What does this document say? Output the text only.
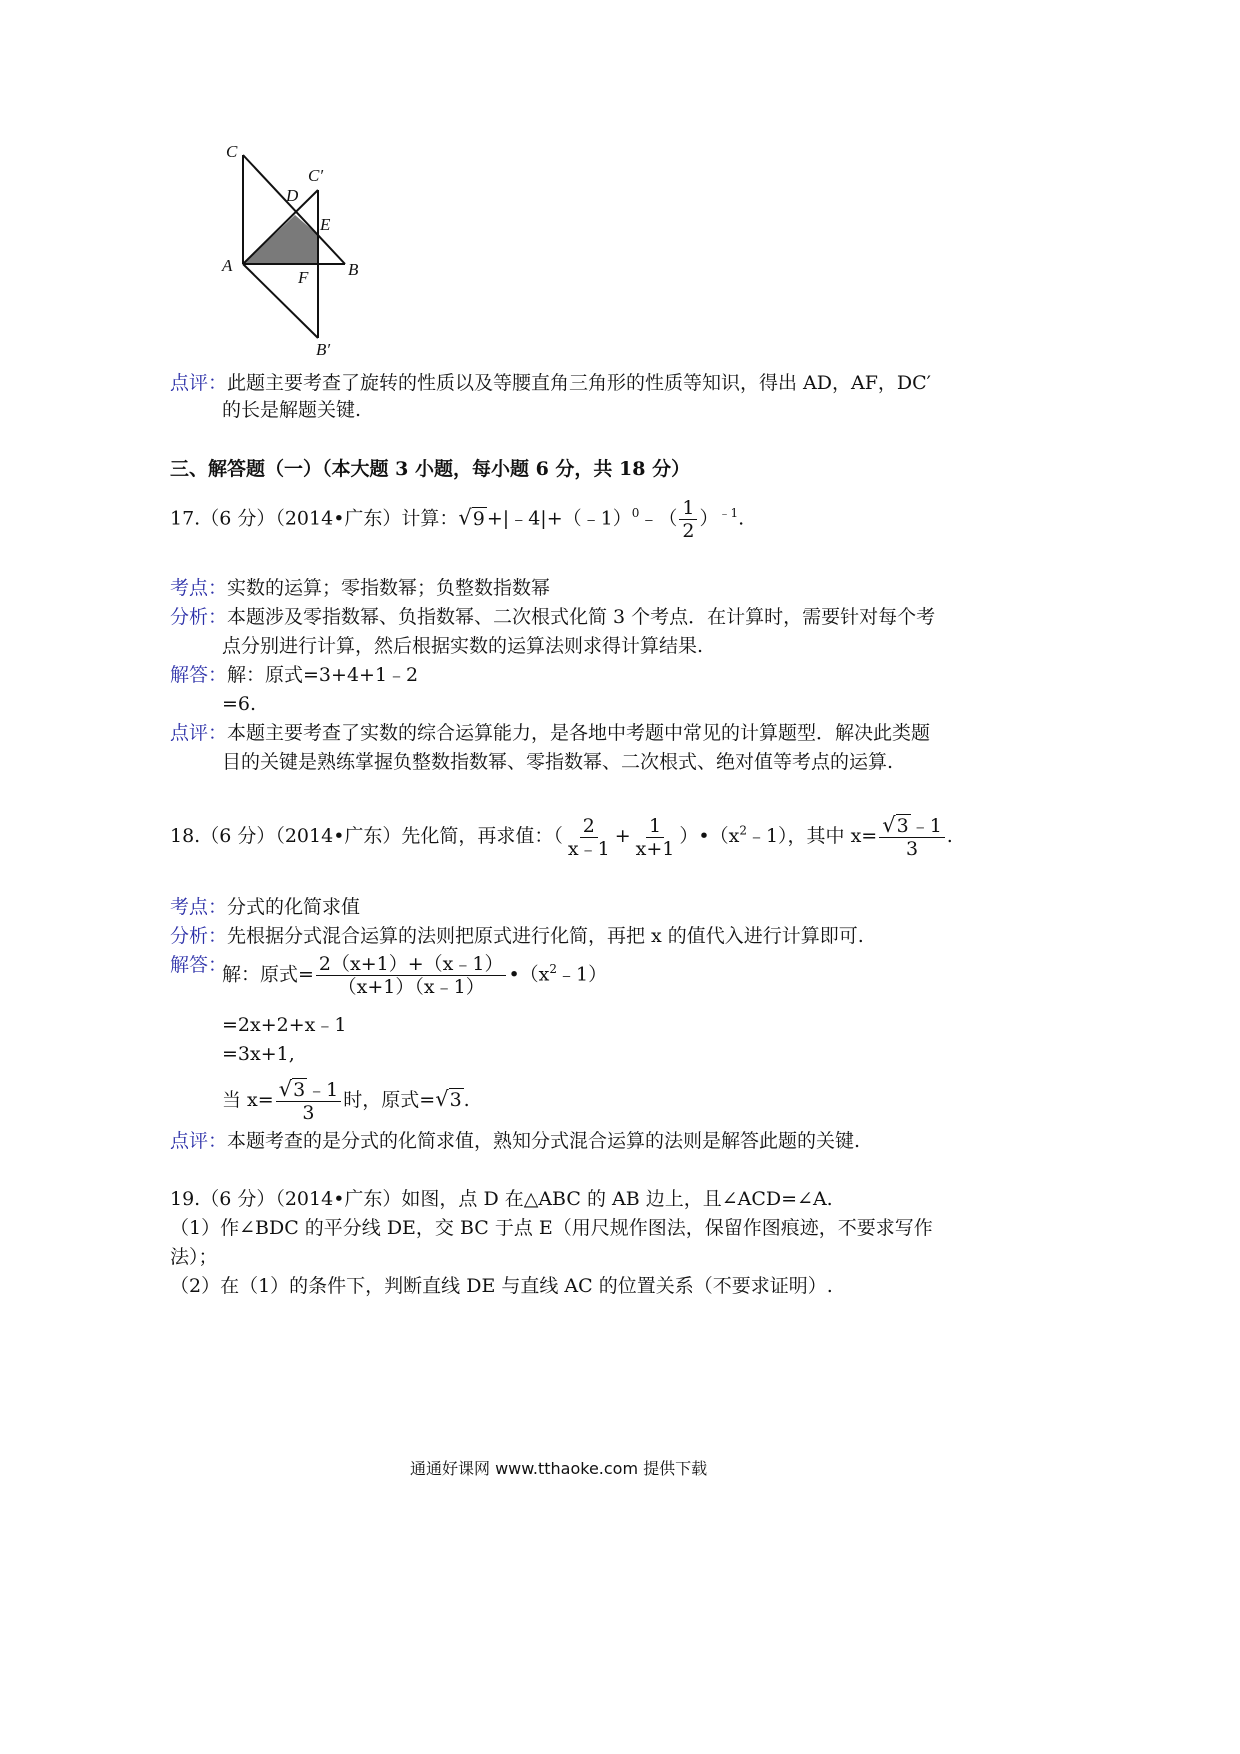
C
C′
D
E
A
F B
B′
点评：此题主要考查了旋转的性质以及等腰直角三角形的性质等知识，得出 AD，AF，DC′
的长是解题关键.
三、解答题（一）（本大题 3 小题，每小题 6 分，共 18 分）
17.（6 分）（2014•广东）计算：√9 +|﹣4|+（﹣1）$^0$﹣（ $\frac{1}{2} )^{﹣1}$.
考点：实数的运算；零指数幂；负整数指数幂
分析：本题涉及零指数幂、负指数幂、二次根式化简 3 个考点．在计算时，需要针对每个考
点分别进行计算，然后根据实数的运算法则求得计算结果.
解答：解：原式=3+4+1﹣2
=6.
点评：本题主要考查了实数的综合运算能力，是各地中考题中常见的计算题型．解决此类题
目的关键是熟练掌握负整数指数幂、零指数幂、二次根式、绝对值等考点的运算.
18.（6 分）（2014•广东）先化简，再求值：（ $\frac{2}{x﹣1} + \frac{1}{x+1}$ ）$•(x^2﹣1)$，其中 $x= \frac{√3 ﹣1}{3}$ .
考点：分式的化简求值
分析：先根据分式混合运算的法则把原式进行化简，再把 x 的值代入进行计算即可.
解答：
解：原式= $\frac{2(x+1)+(x﹣1)}{(x+1)(x﹣1)}$ $•(x^2﹣1)$
=2x+2+x﹣1
=3x+1,
当 $x= \frac{√3 ﹣1}{3}$ 时，原式=√3 .
点评：本题考查的是分式的化简求值，熟知分式混合运算的法则是解答此题的关键.
19.（6 分）（2014•广东）如图，点 D 在△ABC 的 AB 边上，且∠ACD=∠A.
（1）作∠BDC 的平分线 DE，交 BC 于点 E（用尺规作图法，保留作图痕迹，不要求写作
法）；
（2）在（1）的条件下，判断直线 DE 与直线 AC 的位置关系（不要求证明）.
通通好课网 www.tthaoke.com 提供下载
